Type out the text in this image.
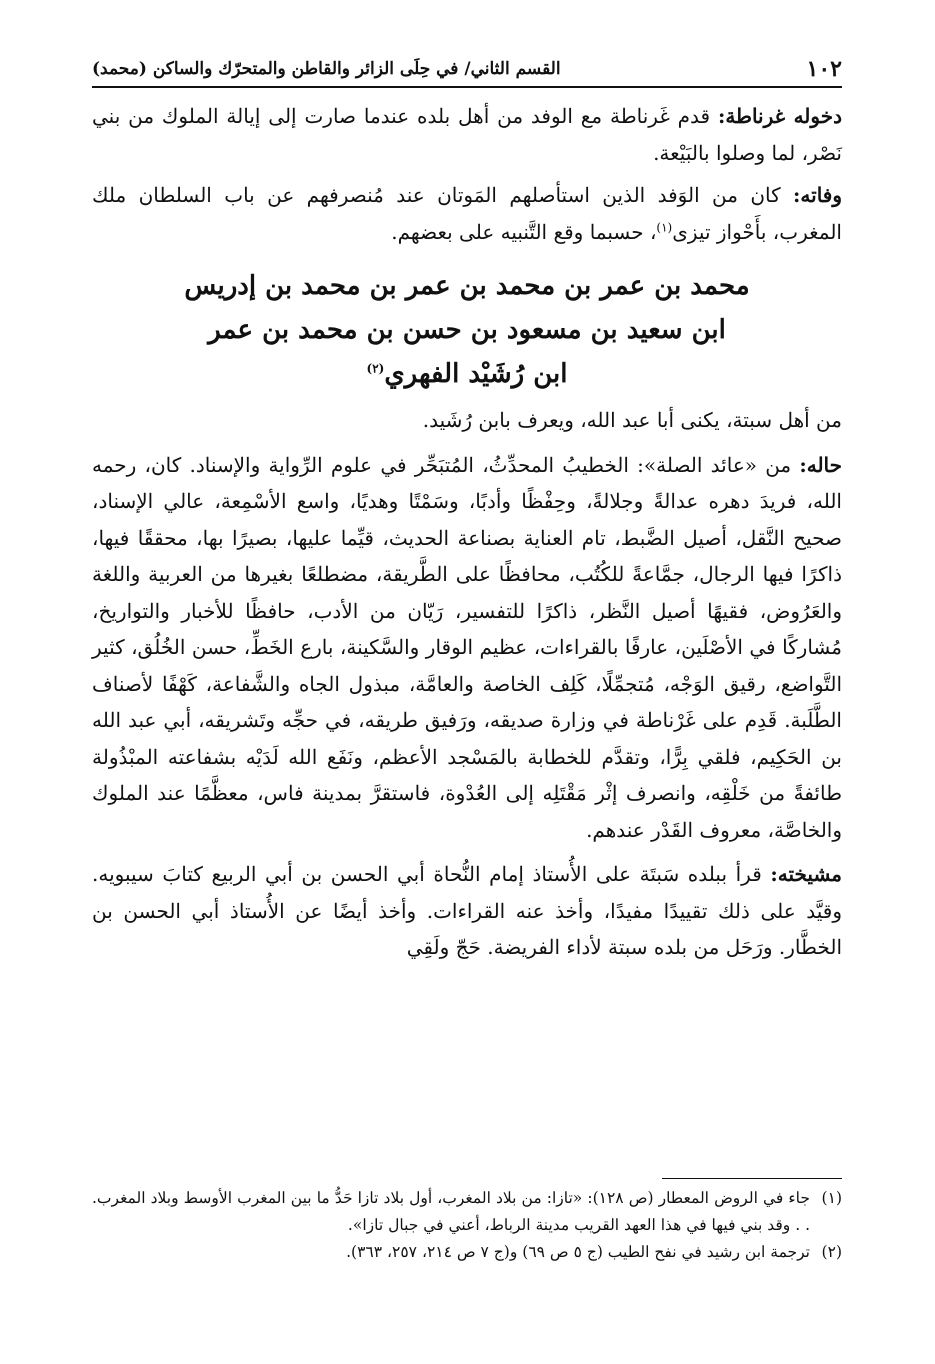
١٠٢
القسم الثاني/ في حِلَى الزائر والقاطن والمتحرّك والساكن (محمد)

دخوله غرناطة: قدم غَرناطة مع الوفد من أهل بلده عندما صارت إلى إيالة الملوك من بني نَصْر، لما وصلوا بالبَيْعة.

وفاته: كان من الوَفد الذين استأصلهم المَوتان عند مُنصرفهم عن باب السلطان ملك المغرب، بأَحْواز تيزى$^{(١)}$، حسبما وقع التَّنبيه على بعضهم.

محمد بن عمر بن محمد بن عمر بن محمد بن إدريس
ابن سعيد بن مسعود بن حسن بن محمد بن عمر
ابن رُشَيْد الفهري$^{(٢)}$

من أهل سبتة، يكنى أبا عبد الله، ويعرف بابن رُشَيد.

حاله: من «عائد الصلة»: الخطيبُ المحدِّثُ، المُتبَحِّر في علوم الرِّواية والإسناد. كان، رحمه الله، فريدَ دهره عدالةً وجلالةً، وحِفْظًا وأدبًا، وسَمْتًا وهديًا، واسع الأسْمِعة، عالي الإسناد، صحيح النَّقل، أصيل الضَّبط، تام العناية بصناعة الحديث، قيِّما عليها، بصيرًا بها، محققًا فيها، ذاكرًا فيها الرجال، جمَّاعةً للكُتُب، محافظًا على الطَّريقة، مضطلعًا بغيرها من العربية واللغة والعَرُوض، فقيهًا أصيل النَّظر، ذاكرًا للتفسير، رَيّان من الأدب، حافظًا للأخبار والتواريخ، مُشاركًا في الأصْلَين، عارفًا بالقراءات، عظيم الوقار والسَّكينة، بارع الخَطِّ، حسن الخُلُق، كثير التَّواضع، رقيق الوَجْه، مُتجمِّلًا، كَلِف الخاصة والعامَّة، مبذول الجاه والشَّفاعة، كَهْفًا لأصناف الطَّلَبة. قَدِم على غَرْناطة في وزارة صديقه، ورَفيق طريقه، في حجِّه وتَشريقه، أبي عبد الله بن الحَكِيم، فلقي بِرًّا، وتقدَّم للخطابة بالمَسْجد الأعظم، ونَفَع الله لَدَيْه بشفاعته المبْذُولة طائفةً من خَلْقِه، وانصرف إثْر مَقْتَلِه إلى العُدْوة، فاستقرَّ بمدينة فاس، معظَّمًا عند الملوك والخاصَّة، معروف القَدْر عندهم.

مشيخته: قرأ ببلده سَبتَة على الأُستاذ إمام النُّحاة أبي الحسن بن أبي الربيع كتابَ سيبويه. وقيَّد على ذلك تقييدًا مفيدًا، وأخذ عنه القراءات. وأخذ أيضًا عن الأُستاذ أبي الحسن بن الخطَّار. ورَحَل من بلده سبتة لأداء الفريضة. حَجّ ولَقِي

(١)
جاء في الروض المعطار (ص ١٢٨): «تازا: من بلاد المغرب، أول بلاد تازا حَدُّ ما بين المغرب الأوسط وبلاد المغرب. . . وقد بني فيها في هذا العهد القريب مدينة الرباط، أعني في جبال تازا».
(٢)
ترجمة ابن رشيد في نفح الطيب (ج ٥ ص ٦٩) و(ج ٧ ص ٢١٤، ٢٥٧، ٣٦٣).
